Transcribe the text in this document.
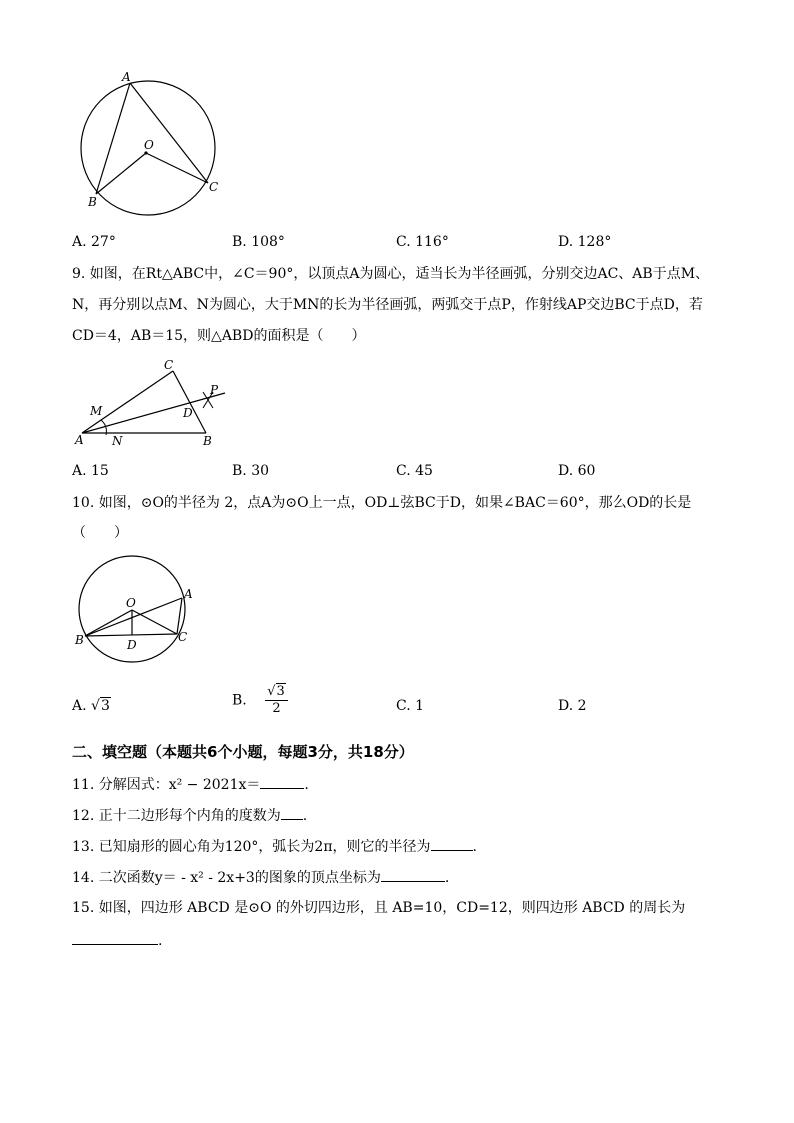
A
O
B
C
A. 27°	B. 108°	C. 116°	D. 128°
9. 如图，在Rt△ABC中，∠C＝90°，以顶点A为圆心，适当长为半径画弧，分别交边AC、AB于点M、
N，再分别以点M、N为圆心，大于MN的长为半径画弧，两弧交于点P，作射线AP交边BC于点D，若
CD＝4，AB＝15，则△ABD的面积是（　　）
C
P
M	D
A N	B
A. 15	B. 30	C. 45	D. 60
10. 如图，⊙O的半径为 2，点A为⊙O上一点，OD⊥弦BC于D，如果∠BAC＝60°，那么OD的长是
（　　）
O
A
B	D
C
A. √3	B. $\frac{√3}{2}$	C. 1	D. 2
二、填空题（本题共6个小题，每题3分，共18分）
11. 分解因式：x² − 2021x＝	.
12. 正十二边形每个内角的度数为 .
13. 已知扇形的圆心角为120°，弧长为2π，则它的半径为	.
14. 二次函数y＝ - x² - 2x+3的图象的顶点坐标为	.
15. 如图，四边形 ABCD 是⊙O 的外切四边形，且 AB=10，CD=12，则四边形 ABCD 的周长为
.
